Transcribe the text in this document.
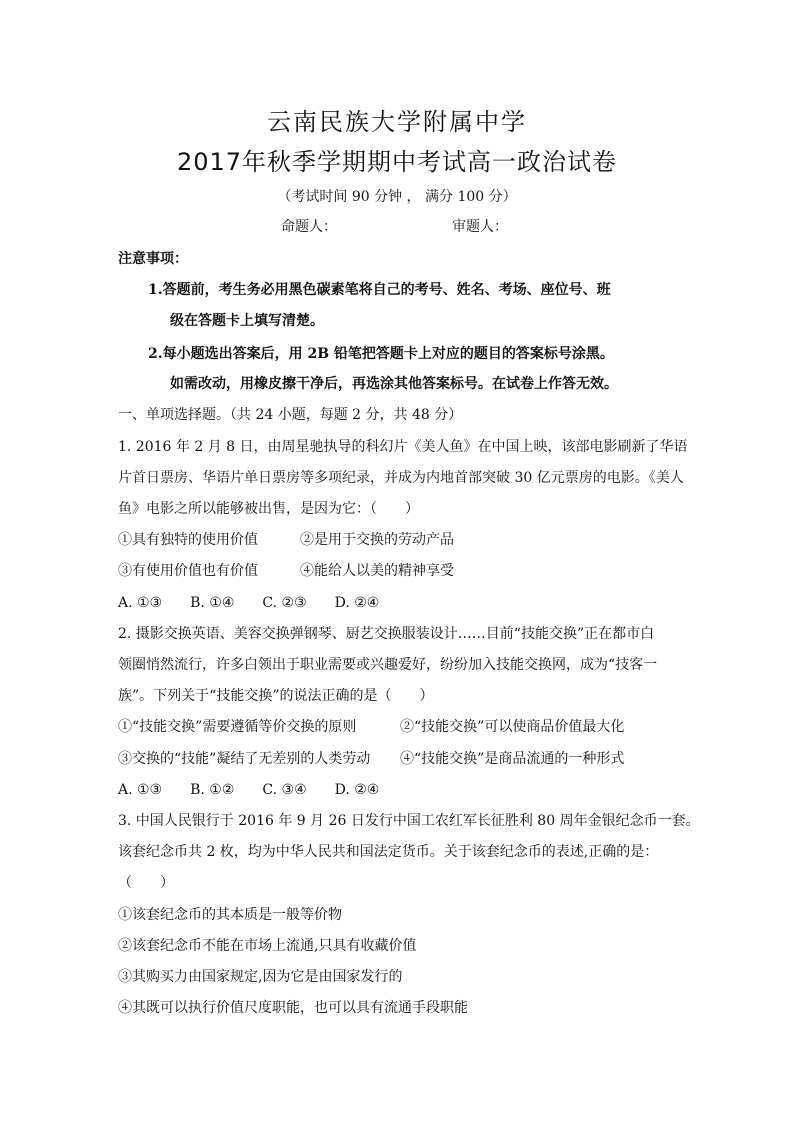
云南民族大学附属中学
2017年秋季学期期中考试高一政治试卷
（考试时间 90 分钟 ， 满分 100 分）
命题人：	审题人：
注意事项：
1.答题前，考生务必用黑色碳素笔将自己的考号、姓名、考场、座位号、班
级在答题卡上填写清楚。
2.每小题选出答案后，用 2B 铅笔把答题卡上对应的题目的答案标号涂黑。
如需改动，用橡皮擦干净后，再选涂其他答案标号。在试卷上作答无效。
一、单项选择题。（共 24 小题，每题 2 分，共 48 分）
1. 2016 年 2 月 8 日，由周星驰执导的科幻片《美人鱼》在中国上映，该部电影刷新了华语
片首日票房、华语片单日票房等多项纪录，并成为内地首部突破 30 亿元票房的电影。《美人
鱼》电影之所以能够被出售，是因为它：（　　）
①具有独特的使用价值	②是用于交换的劳动产品
③有使用价值也有价值	④能给人以美的精神享受
A. ①③　　B. ①④　　C. ②③　　D. ②④
2. 摄影交换英语、美容交换弹钢琴、厨艺交换服装设计……目前“技能交换”正在都市白
领圈悄然流行，许多白领出于职业需要或兴趣爱好，纷纷加入技能交换网，成为“技客一
族”。下列关于“技能交换”的说法正确的是（　　）
①“技能交换”需要遵循等价交换的原则	②“技能交换”可以使商品价值最大化
③交换的“技能”凝结了无差别的人类劳动 ④“技能交换”是商品流通的一种形式
A. ①③　　B. ①②　　C. ③④　　D. ②④
3. 中国人民银行于 2016 年 9 月 26 日发行中国工农红军长征胜利 80 周年金银纪念币一套。
该套纪念币共 2 枚，均为中华人民共和国法定货币。关于该套纪念币的表述,正确的是：
（　　）
①该套纪念币的其本质是一般等价物
②该套纪念币不能在市场上流通,只具有收藏价值
③其购买力由国家规定,因为它是由国家发行的
④其既可以执行价值尺度职能，也可以具有流通手段职能
